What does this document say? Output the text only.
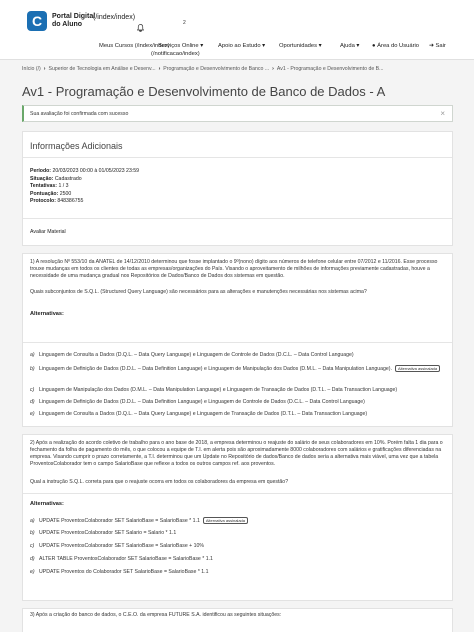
C	Portal Digital
do Aluno
(/index/index)
2
Meus Cursos (/index/index)
Serviços Online ▾	Apoio ao Estudo ▾ Oportunidades ▾	Ajuda ▾ ● Área do Usuário ➜ Sair
(/notificacao/index)
Início (/) › Superior de Tecnologia em Análise e Desenv... › Programação e Desenvolvimento de Banco ... › Av1 - Programação e Desenvolvimento de B...
Av1 - Programação e Desenvolvimento de Banco de Dados - A
Sua avaliação foi confirmada com sucesso	×
Informações Adicionais
Período: 20/03/2023 00:00 à 01/05/2023 23:59
Situação: Cadastrado
Tentativas: 1 / 3
Pontuação: 2500
Protocolo: 848386755
Avaliar Material
1) A resolução Nº 553/10 da ANATEL de 14/12/2010 determinou que fosse implantado o 9º(nono) dígito aos números de telefone celular entre 07/2012 e 11/2016. Esse processo trouxe mudanças em todos os clientes de todas as empresas/organizações do País. Visando o aproveitamento de milhões de informações previamente cadastradas, houve a necessidade de uma mudança gradual nos Repositórios de Dados/Banco de Dados dos sistemas em questão.
Quais subconjuntos de S.Q.L. (Structured Query Language) são necessários para as alterações e manutenções necessárias nos sistemas acima?
Alternativas:
a) Linguagem de Consulta a Dados (D.Q.L. – Data Query Language) e Linguagem de Controle de Dados (D.C.L. – Data Control Language)
b) Linguagem de Definição de Dados (D.D.L. – Data Definition Language) e Linguagem de Manipulação dos Dados (D.M.L. – Data Manipulation Language). Alternativa assinalada
c) Linguagem de Manipulação dos Dados (D.M.L. – Data Manipulation Language) e Linguagem de Transação de Dados (D.T.L. – Data Transaction Language)
d) Linguagem de Definição de Dados (D.D.L. – Data Definition Language) e Linguagem de Controle de Dados (D.C.L. – Data Control Language)
e) Linguagem de Consulta a Dados (D.Q.L. – Data Query Language) e Linguagem de Transação de Dados (D.T.L. – Data Transaction Language)
2) Após a realização do acordo coletivo de trabalho para o ano base de 2018, a empresa determinou o reajuste do salário de seus colaboradores em 10%. Porém falta 1 dia para o fechamento da folha de pagamento do mês, o que colocou a equipe de T.I. em alerta pois são aproximadamente 8000 colaboradores com salários e gratificações diferenciadas na empresa. Visando cumprir o prazo corretamente, a T.I. determinou que um Update no Repositório de dados/Banco de dados seria a alternativa mais viável, uma vez que a tabela ProventosColaborador tem o campo SalarioBase que reflexe a todos os outros campos ref. aos proventos.
Qual a instrução S.Q.L. correta para que o reajuste ocorra em todos os colaboradores da empresa em questão?
Alternativas:
a) UPDATE ProventosColaborador SET SalarioBase = SalarioBase * 1.1 Alternativa assinalada
b) UPDATE ProventosColaborador SET Salario = Salario * 1.1
c) UPDATE ProventosColaborador SET SalarioBase = SalarioBase + 10%
d) ALTER TABLE ProventosColaborador SET SalarioBase = SalarioBase * 1.1
e) UPDATE Proventos do Colaborador SET SalarioBase = SalarioBase * 1.1
3) Após a criação do banco de dados, o C.E.O. da empresa FUTURE S.A. identificou as seguintes situações:
